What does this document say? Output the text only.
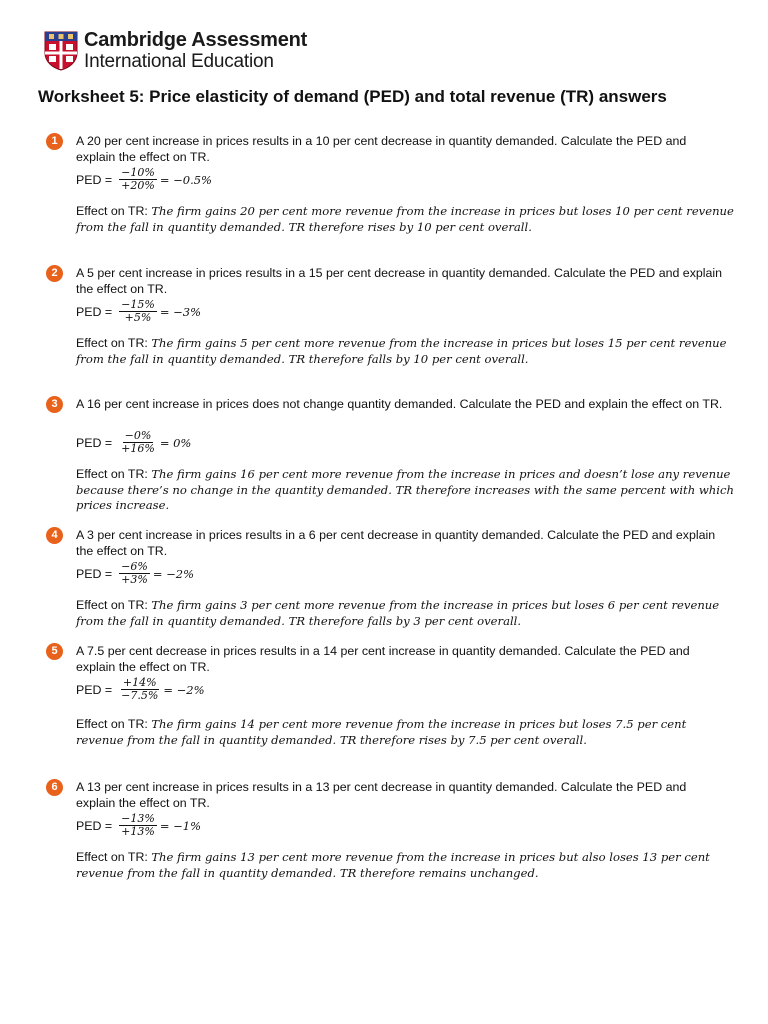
Cambridge Assessment
International Education
Worksheet 5: Price elasticity of demand (PED) and total revenue (TR) answers
1	A 20 per cent increase in prices results in a 10 per cent decrease in quantity demanded. Calculate the PED and explain the effect on TR.
PED = $\frac{-10\%}{+20\%} = -0.5\%$
Effect on TR: The firm gains 20 per cent more revenue from the increase in prices but loses 10 per cent revenue from the fall in quantity demanded. TR therefore rises by 10 per cent overall.
2	A 5 per cent increase in prices results in a 15 per cent decrease in quantity demanded. Calculate the PED and explain the effect on TR.
PED = $\frac{-15\%}{+5\%} = -3\%$
Effect on TR: The firm gains 5 per cent more revenue from the increase in prices but loses 15 per cent revenue from the fall in quantity demanded. TR therefore falls by 10 per cent overall.
3	A 16 per cent increase in prices does not change quantity demanded. Calculate the PED and explain the effect on TR.
PED = $\frac{-0\%}{+16\%} = 0\%$
Effect on TR: The firm gains 16 per cent more revenue from the increase in prices and doesn’t lose any revenue because there’s no change in the quantity demanded. TR therefore increases with the same percent with which prices increase.
4	A 3 per cent increase in prices results in a 6 per cent decrease in quantity demanded. Calculate the PED and explain the effect on TR.
PED = $\frac{-6\%}{+3\%} = -2\%$
Effect on TR: The firm gains 3 per cent more revenue from the increase in prices but loses 6 per cent revenue from the fall in quantity demanded. TR therefore falls by 3 per cent overall.
5	A 7.5 per cent decrease in prices results in a 14 per cent increase in quantity demanded. Calculate the PED and explain the effect on TR.
PED = $\frac{+14\%}{-7.5\%} = -2\%$
Effect on TR: The firm gains 14 per cent more revenue from the increase in prices but loses 7.5 per cent revenue from the fall in quantity demanded. TR therefore rises by 7.5 per cent overall.
6	A 13 per cent increase in prices results in a 13 per cent decrease in quantity demanded. Calculate the PED and explain the effect on TR.
PED = $\frac{-13\%}{+13\%} = -1\%$
Effect on TR: The firm gains 13 per cent more revenue from the increase in prices but also loses 13 per cent revenue from the fall in quantity demanded. TR therefore remains unchanged.
